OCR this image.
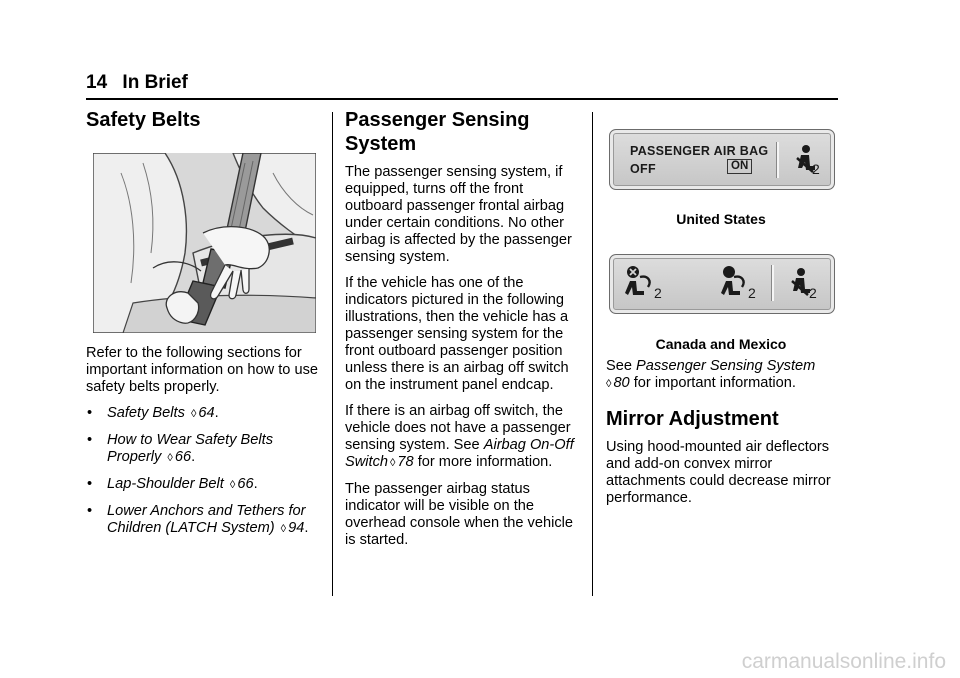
14 In Brief
Safety Belts

Refer to the following sections for important information on how to use safety belts properly.

• Safety Belts ◊ 64.
• How to Wear Safety Belts Properly ◊ 66.
• Lap-Shoulder Belt ◊ 66.
• Lower Anchors and Tethers for Children (LATCH System) ◊ 94.
Passenger Sensing System

The passenger sensing system, if equipped, turns off the front outboard passenger frontal airbag under certain conditions. No other airbag is affected by the passenger sensing system.

If the vehicle has one of the indicators pictured in the following illustrations, then the vehicle has a passenger sensing system for the front outboard passenger position unless there is an airbag off switch on the instrument panel endcap.

If there is an airbag off switch, the vehicle does not have a passenger sensing system. See Airbag On-Off Switch ◊ 78 for more information.

The passenger airbag status indicator will be visible on the overhead console when the vehicle is started.

PASSENGER AIR BAG
OFF	ON	2
United States
2	2	2
Canada and Mexico

See Passenger Sensing System
◊ 80 for important information.

Mirror Adjustment

Using hood-mounted air deflectors and add-on convex mirror attachments could decrease mirror performance.

carmanualsonline.info
